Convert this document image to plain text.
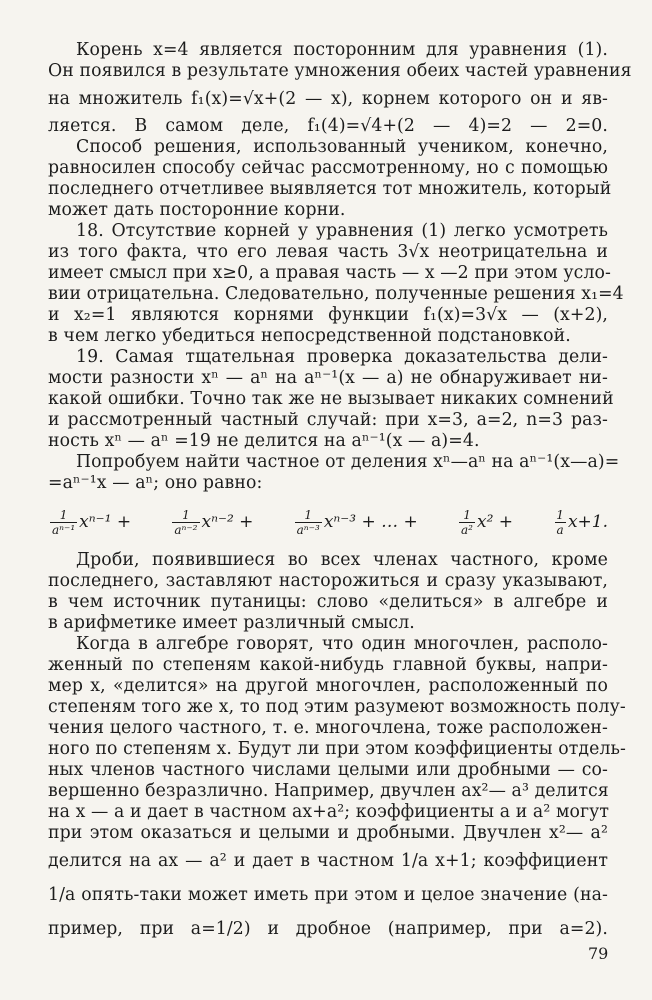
Корень x=4 является посторонним для уравнения (1).
Он появился в результате умножения обеих частей уравнения
на множитель f₁(x)=√x+(2 — x), корнем которого он и яв-
ляется. В самом деле, f₁(4)=√4+(2 — 4)=2 — 2=0.
Способ решения, использованный учеником, конечно,
равносилен способу сейчас рассмотренному, но с помощью
последнего отчетливее выявляется тот множитель, который
может дать посторонние корни.
18. Отсутствие корней у уравнения (1) легко усмотреть
из того факта, что его левая часть 3√x неотрицательна и
имеет смысл при x≥0, а правая часть — x —2 при этом усло-
вии отрицательна. Следовательно, полученные решения x₁=4
и x₂=1 являются корнями функции f₁(x)=3√x — (x+2),
в чем легко убедиться непосредственной подстановкой.
19. Самая тщательная проверка доказательства дели-
мости разности xⁿ — aⁿ на aⁿ⁻¹(x — a) не обнаруживает ни-
какой ошибки. Точно так же не вызывает никаких сомнений
и рассмотренный частный случай: при x=3, a=2, n=3 раз-
ность xⁿ — aⁿ =19 не делится на aⁿ⁻¹(x — a)=4.
Попробуем найти частное от деления xⁿ—aⁿ на aⁿ⁻¹(x—a)=
=aⁿ⁻¹x — aⁿ; оно равно:
$\frac{1}{\text{aⁿ⁻¹}} x^{n-1}$ +	$\frac{1}{\text{aⁿ⁻²}} x^{n-2}$ +	$\frac{1}{\text{aⁿ⁻³}} x^{n-3}$ + … +	$\frac{1}{\text{a²}} x^2$ +	$\frac{1}{a} x+1$.
Дроби, появившиеся во всех членах частного, кроме
последнего, заставляют насторожиться и сразу указывают,
в чем источник путаницы: слово «делиться» в алгебре и
в арифметике имеет различный смысл.
Когда в алгебре говорят, что один многочлен, располо-
женный по степеням какой-нибудь главной буквы, напри-
мер x, «делится» на другой многочлен, расположенный по
степеням того же x, то под этим разумеют возможность полу-
чения целого частного, т. е. многочлена, тоже расположен-
ного по степеням x. Будут ли при этом коэффициенты отдель-
ных членов частного числами целыми или дробными — со-
вершенно безразлично. Например, двучлен ax²— a³ делится
на x — a и дает в частном ax+a²; коэффициенты a и a² могут
при этом оказаться и целыми и дробными. Двучлен x²— a²
делится на ax — a² и дает в частном 1/a x+1; коэффициент
1/a опять-таки может иметь при этом и целое значение (на-
пример, при a=1/2) и дробное (например, при a=2).
79
